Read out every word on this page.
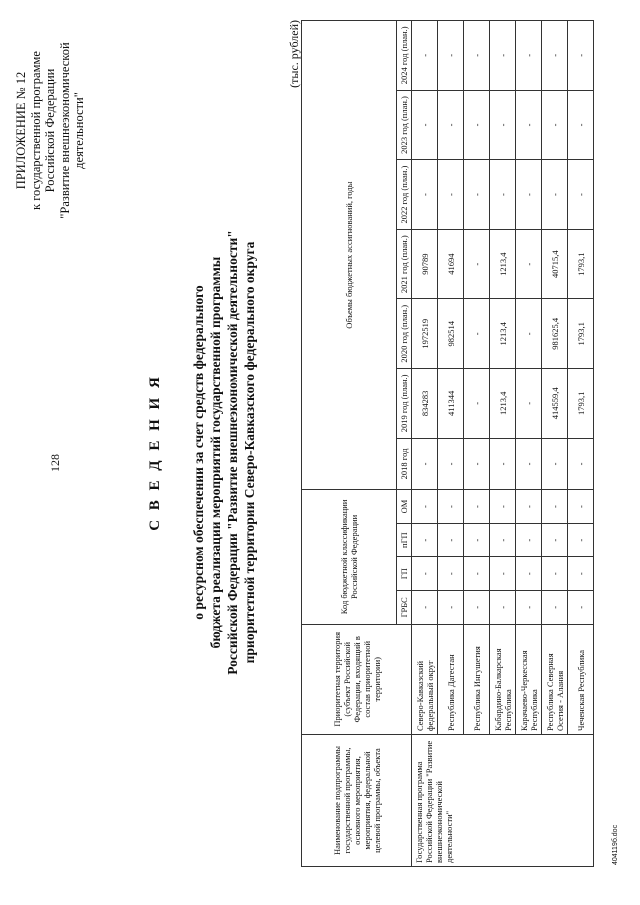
128
ПРИЛОЖЕНИЕ № 12 к государственной программе Российской Федерации "Развитие внешнеэкономической деятельности"
С В Е Д Е Н И Я о ресурсном обеспечении за счет средств федерального бюджета реализации мероприятий государственной программы Российской Федерации "Развитие внешнеэкономической деятельности" приоритетной территории Северо-Кавказского федерального округа
(тыс. рублей)
Наименование подпрограммы государственной программы, основного мероприятия, мероприятия, федеральной целевой программы, объекта	Приоритетная территория (субъект Российской Федерации, входящий в состав приоритетной территории)	Код бюджетной классификации Российской Федерации				Объемы бюджетных ассигнований, годы						
		ГРБС	ГП	пГП	ОМ	2018 год	2019 год (план.)	2020 год (план.)	2021 год (план.)	2022 год (план.)	2023 год (план.)	2024 год (план.)
Государственная программа Российской Федерации "Развитие внешнеэкономической деятельности"	Северо-Кавказский федеральный округ	-	-	-	-	-	834283	1972519	90789	-	-	-
	Республика Дагестан	-	-	-	-	-	411344	982514	41694	-	-	-
	Республика Ингушетия	-	-	-	-	-	-	-	-	-	-	-
	Кабардино-Балкарская Республика	-	-	-	-	-	1213,4	1213,4	1213,4	-	-	-
	Карачаево-Черкесская Республика	-	-	-	-	-	-	-	-	-	-	-
	Республика Северная Осетия - Алания	-	-	-	-	-	414559,4	981625,4	40715,4	-	-	-
	Чеченская Республика	-	-	-	-	-	1793,1	1793,1	1793,1	-	-	-
404119б.doc
